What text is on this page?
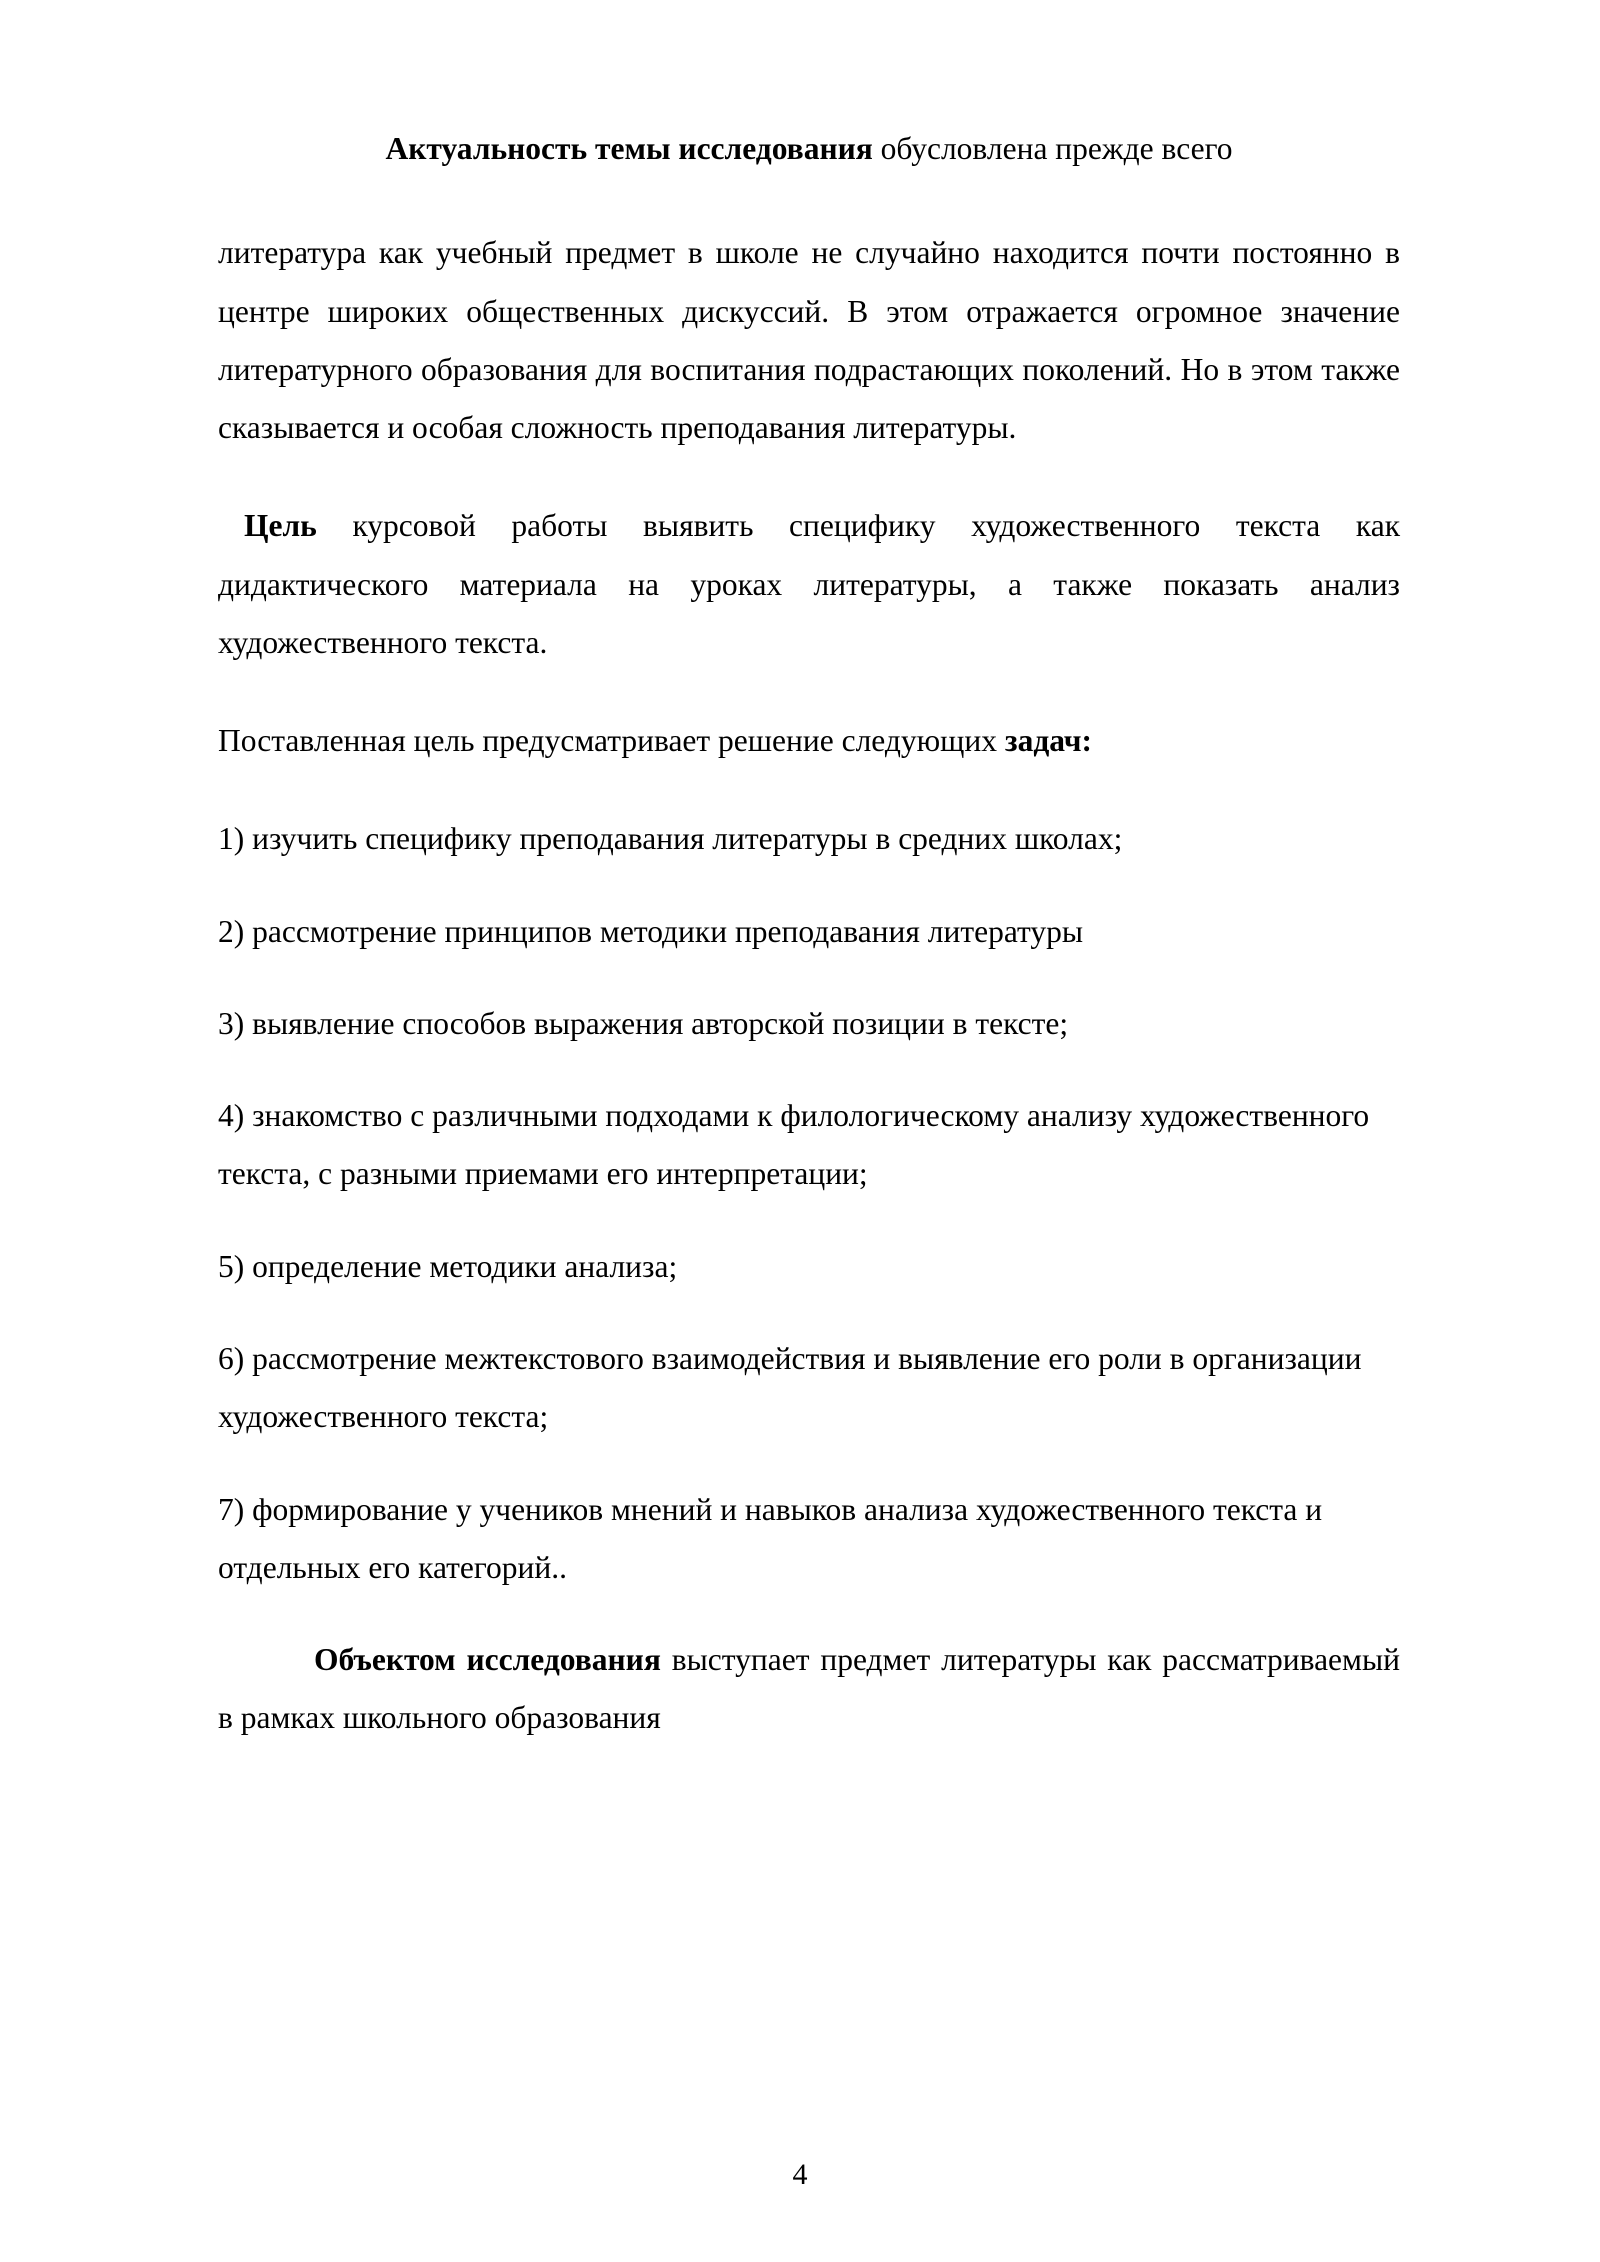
Актуальность темы исследования обусловлена прежде всего

литература как учебный предмет в школе не случайно находится почти постоянно в центре широких общественных дискуссий. В этом отражается огромное значение литературного образования для воспитания подрастающих поколений. Но в этом также сказывается и особая сложность преподавания литературы.

Цель курсовой работы выявить специфику художественного текста как дидактического материала на уроках литературы, а также показать анализ художественного текста.

Поставленная цель предусматривает решение следующих задач:

1) изучить специфику преподавания литературы в средних школах;

2) рассмотрение принципов методики преподавания литературы

3) выявление способов выражения авторской позиции в тексте;

4) знакомство с различными подходами к филологическому анализу художественного текста, с разными приемами его интерпретации;

5) определение методики анализа;

6) рассмотрение межтекстового взаимодействия и выявление его роли в организации художественного текста;

7) формирование у учеников мнений и навыков анализа художественного текста и отдельных его категорий..

Объектом исследования выступает предмет литературы как рассматриваемый в рамках школьного образования

4
